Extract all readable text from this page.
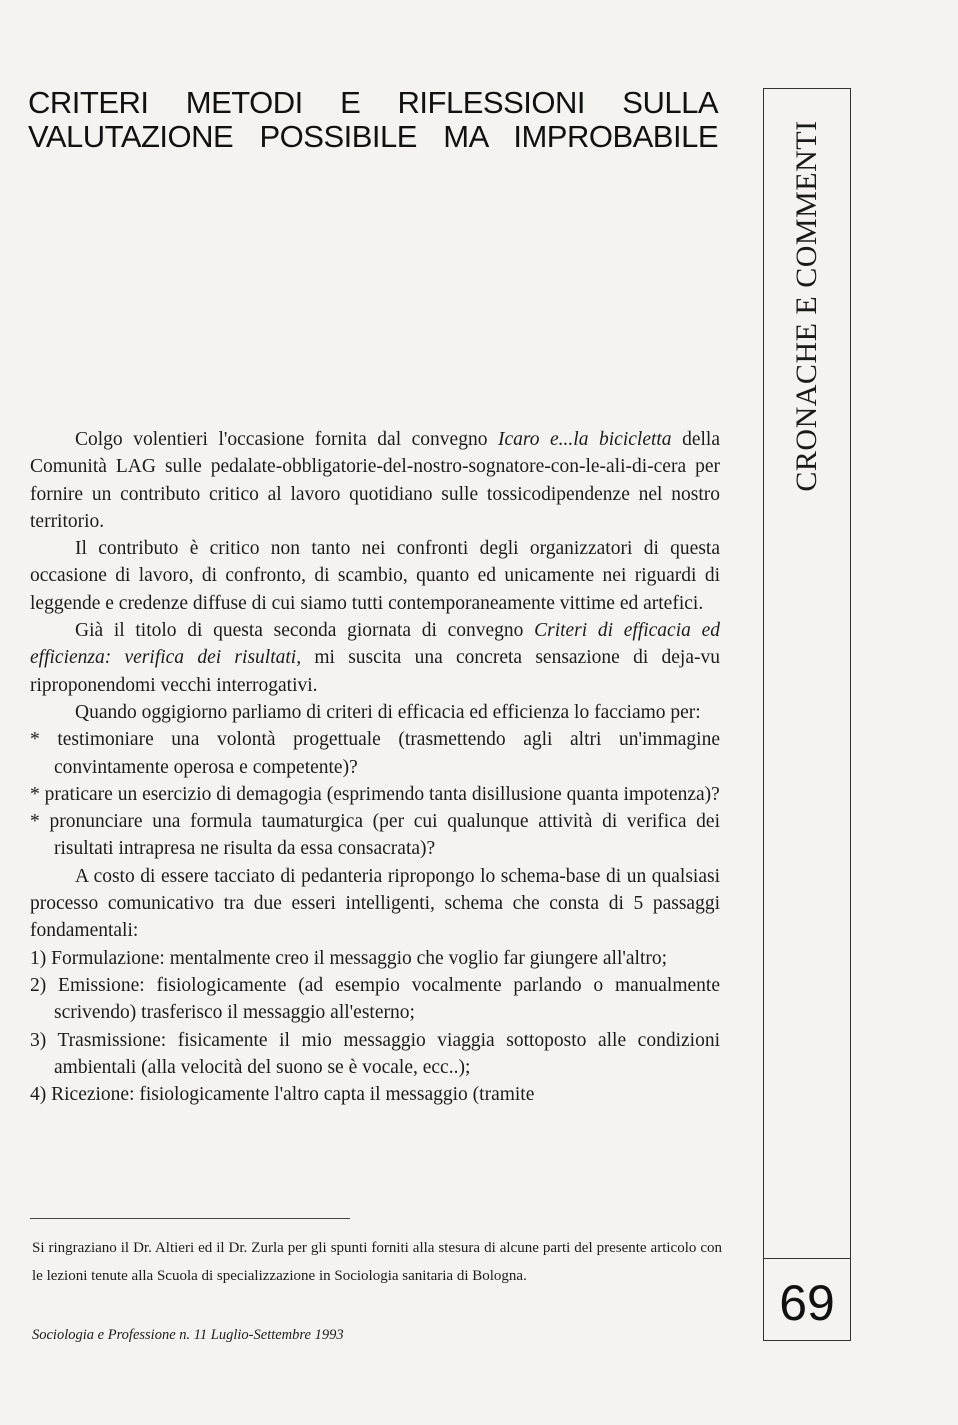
CRITERI METODI E RIFLESSIONI SULLA
VALUTAZIONE POSSIBILE MA IMPROBABILE

Colgo volentieri l'occasione fornita dal convegno Icaro e...la bicicletta della Comunità LAG sulle pedalate-obbligatorie-del-nostro-sognatore-con-le-ali-di-cera per fornire un contributo critico al lavoro quotidiano sulle tossicodipendenze nel nostro territorio.

Il contributo è critico non tanto nei confronti degli organizzatori di questa occasione di lavoro, di confronto, di scambio, quanto ed unicamente nei riguardi di leggende e credenze diffuse di cui siamo tutti contemporaneamente vittime ed artefici.

Già il titolo di questa seconda giornata di convegno Criteri di efficacia ed efficienza: verifica dei risultati, mi suscita una concreta sensazione di deja-vu riproponendomi vecchi interrogativi.

Quando oggigiorno parliamo di criteri di efficacia ed efficienza lo facciamo per:

* testimoniare una volontà progettuale (trasmettendo agli altri un'immagine convintamente operosa e competente)?

* praticare un esercizio di demagogia (esprimendo tanta disillusione quanta impotenza)?

* pronunciare una formula taumaturgica (per cui qualunque attività di verifica dei risultati intrapresa ne risulta da essa consacrata)?

A costo di essere tacciato di pedanteria ripropongo lo schema-base di un qualsiasi processo comunicativo tra due esseri intelligenti, schema che consta di 5 passaggi fondamentali:

1) Formulazione: mentalmente creo il messaggio che voglio far giungere all'altro;

2) Emissione: fisiologicamente (ad esempio vocalmente parlando o manualmente scrivendo) trasferisco il messaggio all'esterno;

3) Trasmissione: fisicamente il mio messaggio viaggia sottoposto alle condizioni ambientali (alla velocità del suono se è vocale, ecc..);

4) Ricezione: fisiologicamente l'altro capta il messaggio (tramite

Si ringraziano il Dr. Altieri ed il Dr. Zurla per gli spunti forniti alla stesura di alcune parti del presente articolo con le lezioni tenute alla Scuola di specializzazione in Sociologia sanitaria di Bologna.

Sociologia e Professione n. 11 Luglio-Settembre 1993

CRONACHE E COMMENTI
69
